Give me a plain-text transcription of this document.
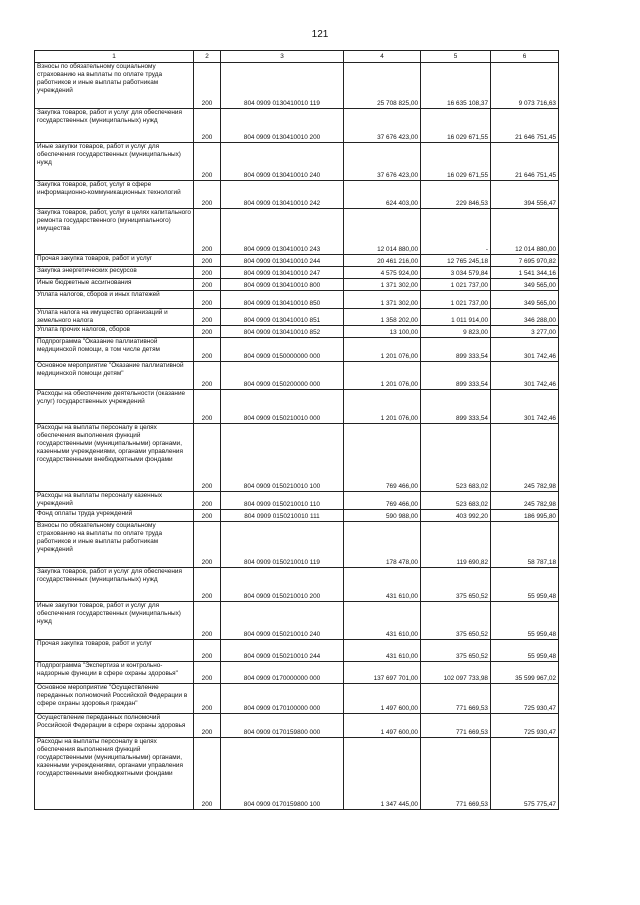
121
1	2	3	4	5	6
Взносы по обязательному социальному страхованию на выплаты по оплате труда работников и иные выплаты работникам учреждений	200	804 0909 0130410010 119	25 708 825,00	16 635 108,37	9 073 716,63
Закупка товаров, работ и услуг для обеспечения государственных (муниципальных) нужд	200	804 0909 0130410010 200	37 676 423,00	16 029 671,55	21 646 751,45
Иные закупки товаров, работ и услуг для обеспечения государственных (муниципальных) нужд	200	804 0909 0130410010 240	37 676 423,00	16 029 671,55	21 646 751,45
Закупка товаров, работ, услуг в сфере информационно-коммуникационных технологий	200	804 0909 0130410010 242	624 403,00	229 846,53	394 556,47
Закупка товаров, работ, услуг в целях капитального ремонта государственного (муниципального) имущества	200	804 0909 0130410010 243	12 014 880,00	-	12 014 880,00
Прочая закупка товаров, работ и услуг	200	804 0909 0130410010 244	20 461 216,00	12 765 245,18	7 695 970,82
Закупка энергетических ресурсов	200	804 0909 0130410010 247	4 575 924,00	3 034 579,84	1 541 344,16
Иные бюджетные ассигнования	200	804 0909 0130410010 800	1 371 302,00	1 021 737,00	349 565,00
Уплата налогов, сборов и иных платежей	200	804 0909 0130410010 850	1 371 302,00	1 021 737,00	349 565,00
Уплата налога на имущество организаций и земельного налога	200	804 0909 0130410010 851	1 358 202,00	1 011 914,00	346 288,00
Уплата прочих налогов, сборов	200	804 0909 0130410010 852	13 100,00	9 823,00	3 277,00
Подпрограмма "Оказание паллиативной медицинской помощи, в том числе детям	200	804 0909 0150000000 000	1 201 076,00	899 333,54	301 742,46
Основное мероприятие "Оказание паллиативной медицинской помощи детям"	200	804 0909 0150200000 000	1 201 076,00	899 333,54	301 742,46
Расходы на обеспечение деятельности (оказание услуг) государственных учреждений	200	804 0909 0150210010 000	1 201 076,00	899 333,54	301 742,46
Расходы на выплаты персоналу в целях обеспечения выполнения функций государственными (муниципальными) органами, казенными учреждениями, органами управления государственными внебюджетными фондами	200	804 0909 0150210010 100	769 466,00	523 683,02	245 782,98
Расходы на выплаты персоналу казенных учреждений	200	804 0909 0150210010 110	769 466,00	523 683,02	245 782,98
Фонд оплаты труда учреждений	200	804 0909 0150210010 111	590 988,00	403 992,20	186 995,80
Взносы по обязательному социальному страхованию на выплаты по оплате труда работников и иные выплаты работникам учреждений	200	804 0909 0150210010 119	178 478,00	119 690,82	58 787,18
Закупка товаров, работ и услуг для обеспечения государственных (муниципальных) нужд	200	804 0909 0150210010 200	431 610,00	375 650,52	55 959,48
Иные закупки товаров, работ и услуг для обеспечения государственных (муниципальных) нужд	200	804 0909 0150210010 240	431 610,00	375 650,52	55 959,48
Прочая закупка товаров, работ и услуг	200	804 0909 0150210010 244	431 610,00	375 650,52	55 959,48
Подпрограмма "Экспертиза и контрольно-надзорные функции в сфере охраны здоровья"	200	804 0909 0170000000 000	137 697 701,00	102 097 733,98	35 599 967,02
Основное мероприятие "Осуществление переданных полномочий Российской Федерации в сфере охраны здоровья граждан"	200	804 0909 0170100000 000	1 497 600,00	771 669,53	725 930,47
Осуществление переданных полномочий Российской Федерации в сфере охраны здоровья	200	804 0909 0170159800 000	1 497 600,00	771 669,53	725 930,47
Расходы на выплаты персоналу в целях обеспечения выполнения функций государственными (муниципальными) органами, казенными учреждениями, органами управления государственными внебюджетными фондами	200	804 0909 0170159800 100	1 347 445,00	771 669,53	575 775,47
